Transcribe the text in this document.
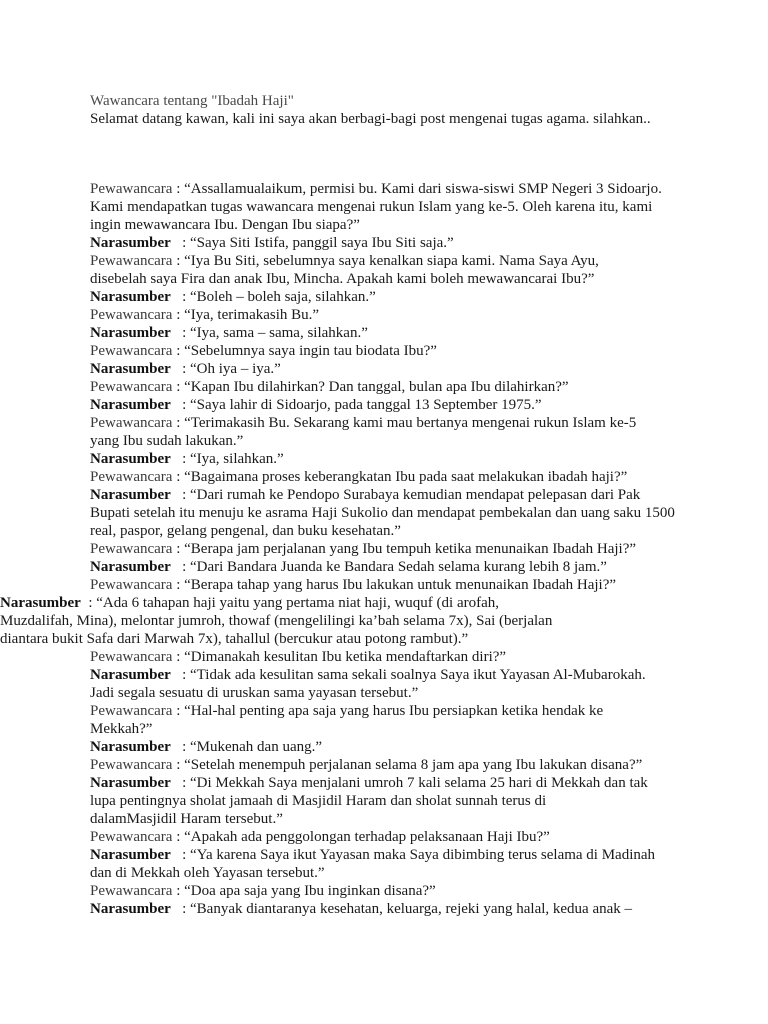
Wawancara tentang "Ibadah Haji"
Selamat datang kawan, kali ini saya akan berbagi-bagi post mengenai tugas agama. silahkan..

Pewawancara : “Assallamualaikum, permisi bu. Kami dari siswa-siswi SMP Negeri 3 Sidoarjo.
Kami mendapatkan tugas wawancara mengenai rukun Islam yang ke-5. Oleh karena itu, kami
ingin mewawancara Ibu. Dengan Ibu siapa?”

Narasumber   : “Saya Siti Istifa, panggil saya Ibu Siti saja.”

Pewawancara : “Iya Bu Siti, sebelumnya saya kenalkan siapa kami. Nama Saya Ayu,
disebelah saya Fira dan anak Ibu, Mincha. Apakah kami boleh mewawancarai Ibu?”

Narasumber   : “Boleh – boleh saja, silahkan.”

Pewawancara : “Iya, terimakasih Bu.”

Narasumber   : “Iya, sama – sama, silahkan.”

Pewawancara : “Sebelumnya saya ingin tau biodata Ibu?”

Narasumber   : “Oh iya – iya.”

Pewawancara : “Kapan Ibu dilahirkan? Dan tanggal, bulan apa Ibu dilahirkan?”

Narasumber   : “Saya lahir di Sidoarjo, pada tanggal 13 September 1975.”

Pewawancara : “Terimakasih Bu. Sekarang kami mau bertanya mengenai rukun Islam ke-5
yang Ibu sudah lakukan.”

Narasumber   : “Iya, silahkan.”

Pewawancara : “Bagaimana proses keberangkatan Ibu pada saat melakukan ibadah haji?”

Narasumber   : “Dari rumah ke Pendopo Surabaya kemudian mendapat pelepasan dari Pak
Bupati setelah itu menuju ke asrama Haji Sukolio dan mendapat pembekalan dan uang saku 1500
real, paspor, gelang pengenal, dan buku kesehatan.”

Pewawancara : “Berapa jam perjalanan yang Ibu tempuh ketika menunaikan Ibadah Haji?”

Narasumber   : “Dari Bandara Juanda ke Bandara Sedah selama kurang lebih 8 jam.”

Pewawancara : “Berapa tahap yang harus Ibu lakukan untuk menunaikan Ibadah Haji?”

Narasumber  : “Ada 6 tahapan haji yaitu yang pertama niat haji, wuquf (di arofah,
Muzdalifah, Mina), melontar jumroh, thowaf (mengelilingi ka’bah selama 7x), Sai (berjalan
diantara bukit Safa dari Marwah 7x), tahallul (bercukur atau potong rambut).”

Pewawancara : “Dimanakah kesulitan Ibu ketika mendaftarkan diri?”

Narasumber   : “Tidak ada kesulitan sama sekali soalnya Saya ikut Yayasan Al-Mubarokah.
Jadi segala sesuatu di uruskan sama yayasan tersebut.”

Pewawancara : “Hal-hal penting apa saja yang harus Ibu persiapkan ketika hendak ke
Mekkah?”

Narasumber   : “Mukenah dan uang.”

Pewawancara : “Setelah menempuh perjalanan selama 8 jam apa yang Ibu lakukan disana?”

Narasumber   : “Di Mekkah Saya menjalani umroh 7 kali selama 25 hari di Mekkah dan tak
lupa pentingnya sholat jamaah di Masjidil Haram dan sholat sunnah terus di
dalamMasjidil Haram tersebut.”

Pewawancara : “Apakah ada penggolongan terhadap pelaksanaan Haji Ibu?”

Narasumber   : “Ya karena Saya ikut Yayasan maka Saya dibimbing terus selama di Madinah
dan di Mekkah oleh Yayasan tersebut.”

Pewawancara : “Doa apa saja yang Ibu inginkan disana?”

Narasumber   : “Banyak diantaranya kesehatan, keluarga, rejeki yang halal, kedua anak –
